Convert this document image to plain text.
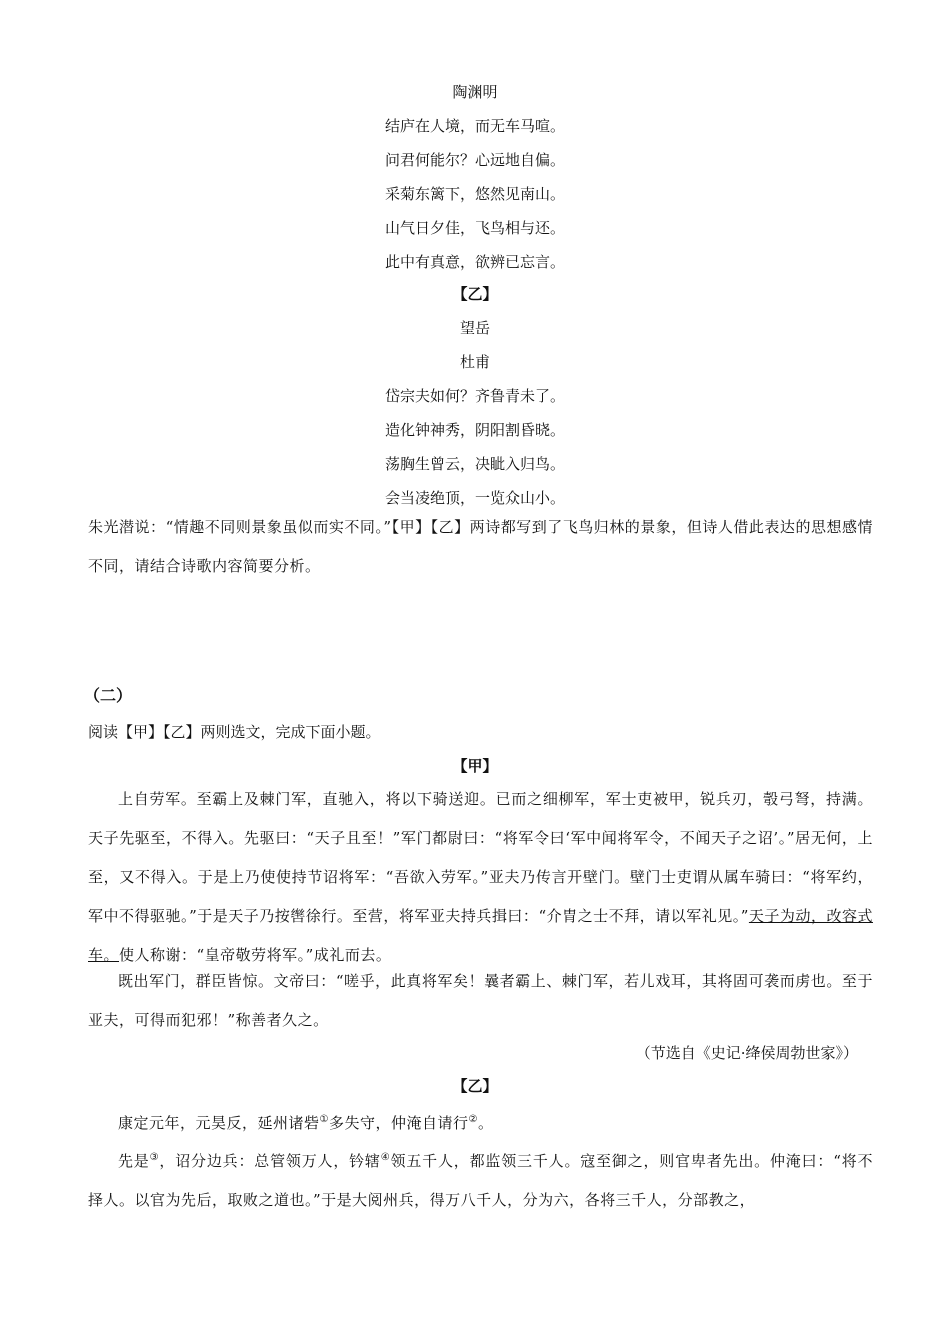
陶渊明
结庐在人境，而无车马喧。
问君何能尔？心远地自偏。
采菊东篱下，悠然见南山。
山气日夕佳，飞鸟相与还。
此中有真意，欲辨已忘言。
【乙】
望岳
杜甫
岱宗夫如何？齐鲁青未了。
造化钟神秀，阴阳割昏晓。
荡胸生曾云，决眦入归鸟。
会当凌绝顶，一览众山小。
朱光潜说：“情趣不同则景象虽似而实不同。”【甲】【乙】两诗都写到了飞鸟归林的景象，但诗人借此表达的思想感情不同，请结合诗歌内容简要分析。
（二）
阅读【甲】【乙】两则选文，完成下面小题。
【甲】
上自劳军。至霸上及棘门军，直驰入，将以下骑送迎。已而之细柳军，军士吏被甲，锐兵刃，彀弓弩，持满。天子先驱至，不得入。先驱曰：“天子且至！”军门都尉曰：“将军令曰‘军中闻将军令，不闻天子之诏’。”居无何，上至，又不得入。于是上乃使使持节诏将军：“吾欲入劳军。”亚夫乃传言开壁门。壁门士吏谓从属车骑曰：“将军约，军中不得驱驰。”于是天子乃按辔徐行。至营，将军亚夫持兵揖曰：“介胄之士不拜，请以军礼见。”天子为动，改容式车。使人称谢：“皇帝敬劳将军。”成礼而去。
既出军门，群臣皆惊。文帝曰：“嗟乎，此真将军矣！曩者霸上、棘门军，若儿戏耳，其将固可袭而虏也。至于亚夫，可得而犯邪！”称善者久之。
（节选自《史记·绛侯周勃世家》）
【乙】
康定元年，元昊反，延州诸砦①多失守，仲淹自请行②。
先是③，诏分边兵：总管领万人，钤辖④领五千人，都监领三千人。寇至御之，则官卑者先出。仲淹曰：“将不择人。以官为先后，取败之道也。”于是大阅州兵，得万八千人，分为六，各将三千人，分部教之，
